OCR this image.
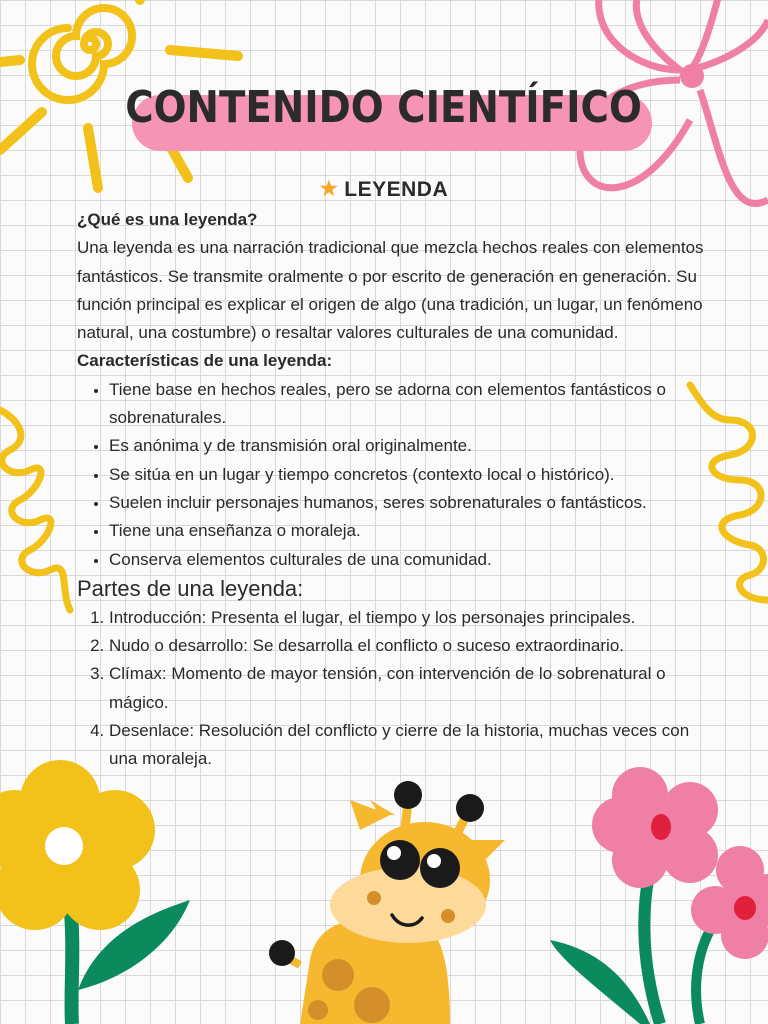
CONTENIDO CIENTÍFICO
★ LEYENDA

¿Qué es una leyenda?

Una leyenda es una narración tradicional que mezcla hechos reales con elementos fantásticos. Se transmite oralmente o por escrito de generación en generación. Su función principal es explicar el origen de algo (una tradición, un lugar, un fenómeno natural, una costumbre) o resaltar valores culturales de una comunidad.

Características de una leyenda:

• Tiene base en hechos reales, pero se adorna con elementos fantásticos o sobrenaturales.
• Es anónima y de transmisión oral originalmente.
• Se sitúa en un lugar y tiempo concretos (contexto local o histórico).
• Suelen incluir personajes humanos, seres sobrenaturales o fantásticos.
• Tiene una enseñanza o moraleja.
• Conserva elementos culturales de una comunidad.

Partes de una leyenda:

1. Introducción: Presenta el lugar, el tiempo y los personajes principales.
2. Nudo o desarrollo: Se desarrolla el conflicto o suceso extraordinario.
3. Clímax: Momento de mayor tensión, con intervención de lo sobrenatural o mágico.
4. Desenlace: Resolución del conflicto y cierre de la historia, muchas veces con una moraleja.
